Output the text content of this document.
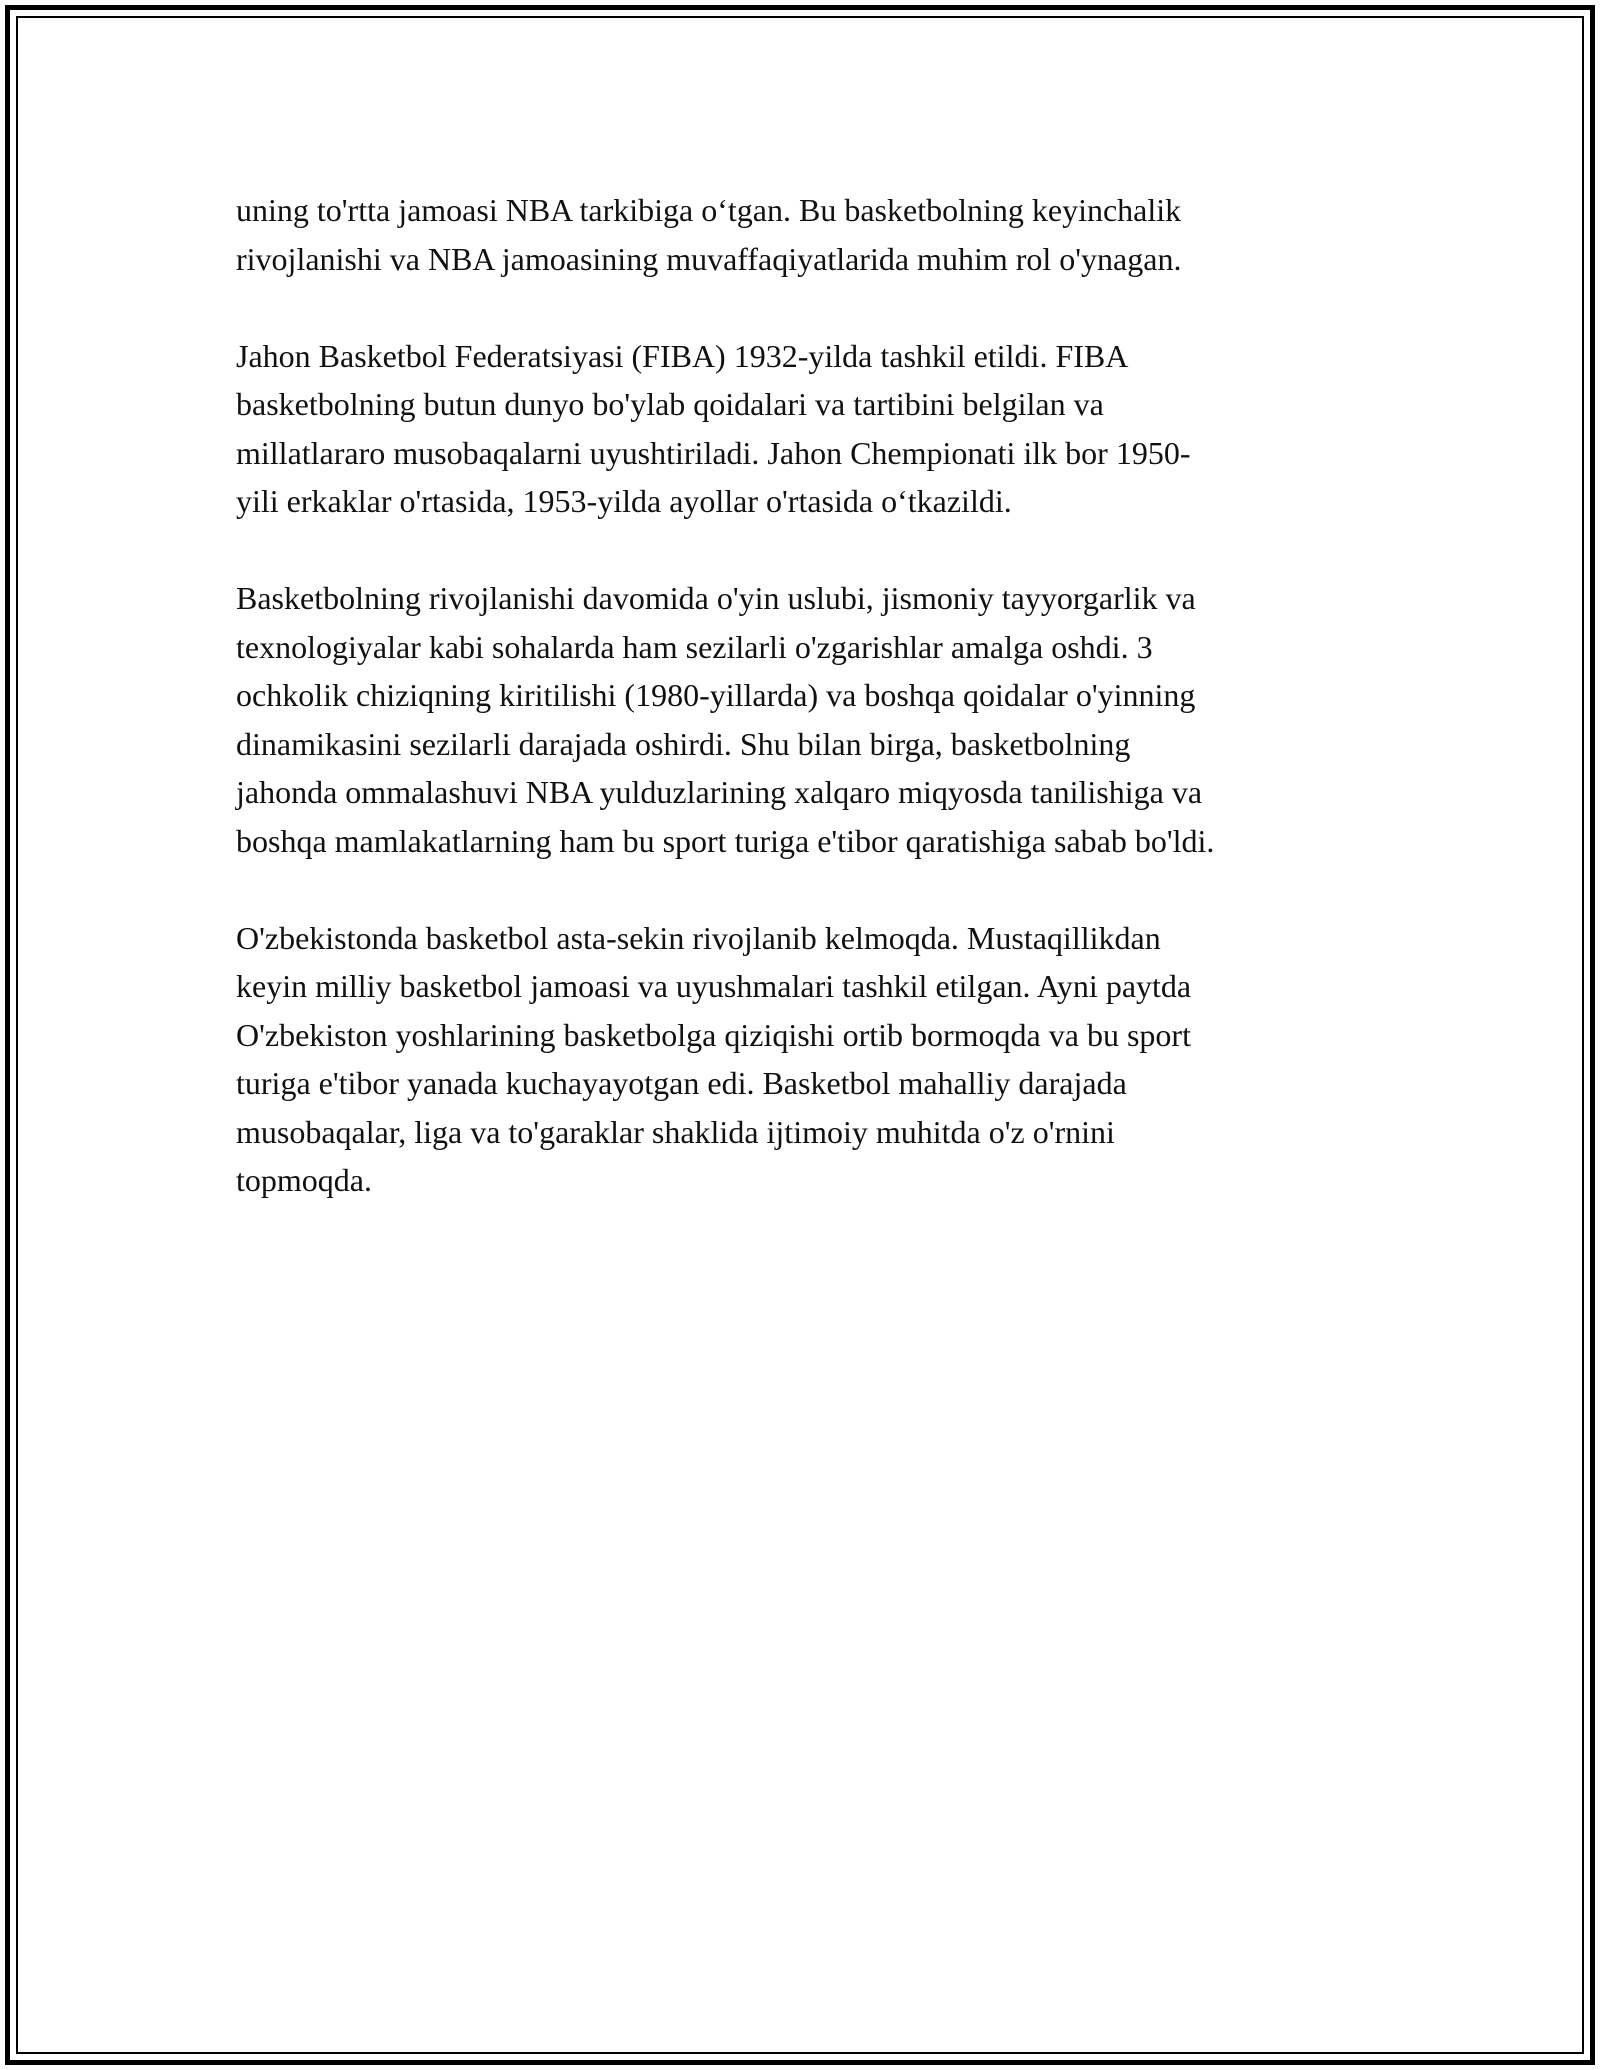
uning to'rtta jamoasi NBA tarkibiga o‘tgan. Bu basketbolning keyinchalik
rivojlanishi va NBA jamoasining muvaffaqiyatlarida muhim rol o'ynagan.

Jahon Basketbol Federatsiyasi (FIBA) 1932-yilda tashkil etildi. FIBA
basketbolning butun dunyo bo'ylab qoidalari va tartibini belgilan va
millatlararo musobaqalarni uyushtiriladi. Jahon Chempionati ilk bor 1950-
yili erkaklar o'rtasida, 1953-yilda ayollar o'rtasida o‘tkazildi.

Basketbolning rivojlanishi davomida o'yin uslubi, jismoniy tayyorgarlik va
texnologiyalar kabi sohalarda ham sezilarli o'zgarishlar amalga oshdi. 3
ochkolik chiziqning kiritilishi (1980-yillarda) va boshqa qoidalar o'yinning
dinamikasini sezilarli darajada oshirdi. Shu bilan birga, basketbolning
jahonda ommalashuvi NBA yulduzlarining xalqaro miqyosda tanilishiga va
boshqa mamlakatlarning ham bu sport turiga e'tibor qaratishiga sabab bo'ldi.

O'zbekistonda basketbol asta-sekin rivojlanib kelmoqda. Mustaqillikdan
keyin milliy basketbol jamoasi va uyushmalari tashkil etilgan. Ayni paytda
O'zbekiston yoshlarining basketbolga qiziqishi ortib bormoqda va bu sport
turiga e'tibor yanada kuchayayotgan edi. Basketbol mahalliy darajada
musobaqalar, liga va to'garaklar shaklida ijtimoiy muhitda o'z o'rnini
topmoqda.
